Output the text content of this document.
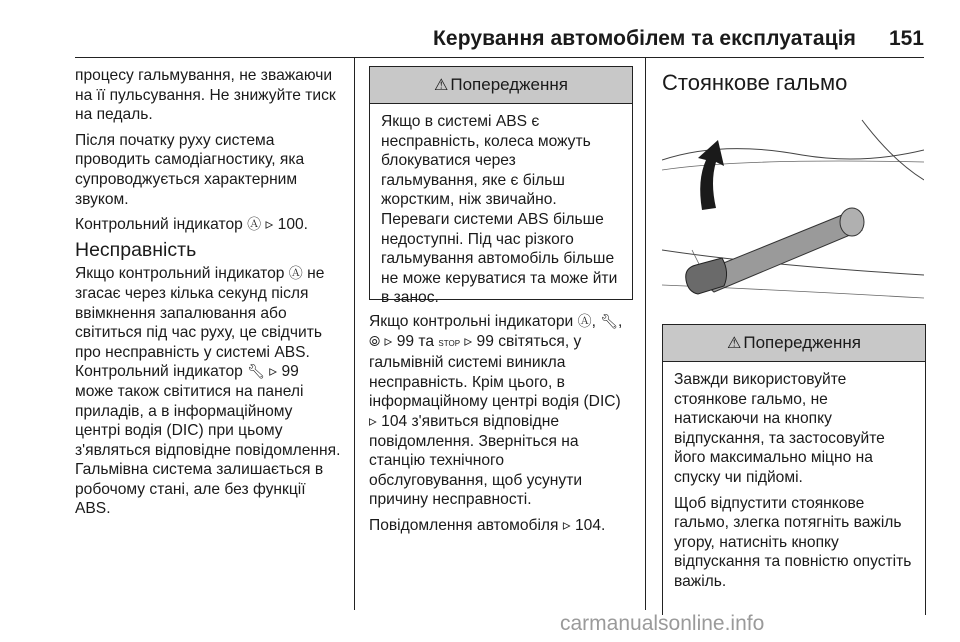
Керування автомобілем та експлуатація 151

процесу гальмування, не зважаючи
на її пульсування. Не знижуйте тиск
на педаль.

Після початку руху система
проводить самодіагностику, яка
супроводжується характерним
звуком.

Контрольний індикатор Ⓐ ▹ 100.

Несправність

Якщо контрольний індикатор Ⓐ не
згасає через кілька секунд після
ввімкнення запалювання або
світиться під час руху, це свідчить
про несправність у системі ABS.
Контрольний індикатор 🔧︎ ▹ 99
може також світитися на панелі
приладів, а в інформаційному
центрі водія (DIC) при цьому
з'являться відповідне повідомлення.
Гальмівна система залишається в
робочому стані, але без функції
ABS.

⚠ Попередження

Якщо в системі ABS є
несправність, колеса можуть
блокуватися через
гальмування, яке є більш
жорстким, ніж звичайно.
Переваги системи ABS більше
недоступні. Під час різкого
гальмування автомобіль більше
не може керуватися та може йти
в занос.

Якщо контрольні індикатори Ⓐ, 🔧︎,
⦾ ▹ 99 та STOP ▹ 99 світяться, у
гальмівній системі виникла
несправність. Крім цього, в
інформаційному центрі водія (DIC)
▹ 104 з'явиться відповідне
повідомлення. Зверніться на
станцію технічного
обслуговування, щоб усунути
причину несправності.

Повідомлення автомобіля ▹ 104.

Стоянкове гальмо
⚠ Попередження

Завжди використовуйте
стоянкове гальмо, не
натискаючи на кнопку
відпускання, та застосовуйте
його максимально міцно на
спуску чи підйомі.

Щоб відпустити стоянкове
гальмо, злегка потягніть важіль
угору, натисніть кнопку
відпускання та повністю опустіть
важіль.

carmanualsonline.info
